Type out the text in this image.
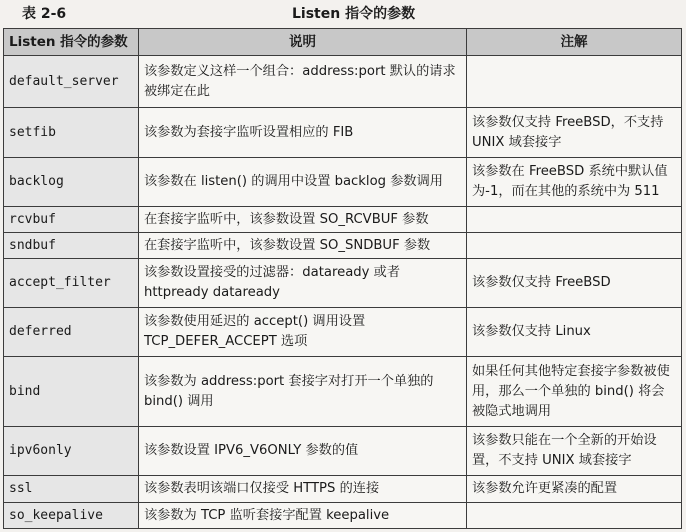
表 2-6	Listen 指令的参数
Listen 指令的参数	说明	注解
default_server	该参数定义这样一个组合：address:port 默认的请求被绑定在此	
setfib	该参数为套接字监听设置相应的 FIB	该参数仅支持 FreeBSD，不支持 UNIX 域套接字
backlog	该参数在 listen() 的调用中设置 backlog 参数调用	该参数在 FreeBSD 系统中默认值为-1，而在其他的系统中为 511
rcvbuf	在套接字监听中，该参数设置 SO_RCVBUF 参数	
sndbuf	在套接字监听中，该参数设置 SO_SNDBUF 参数	
accept_filter	该参数设置接受的过滤器：dataready 或者 httpready dataready	该参数仅支持 FreeBSD
deferred	该参数使用延迟的 accept() 调用设置 TCP_DEFER_ACCEPT 选项	该参数仅支持 Linux
bind	该参数为 address:port 套接字对打开一个单独的 bind() 调用	如果任何其他特定套接字参数被使用，那么一个单独的 bind() 将会被隐式地调用
ipv6only	该参数设置 IPV6_V6ONLY 参数的值	该参数只能在一个全新的开始设置，不支持 UNIX 域套接字
ssl	该参数表明该端口仅接受 HTTPS 的连接	该参数允许更紧凑的配置
so_keepalive	该参数为 TCP 监听套接字配置 keepalive	
